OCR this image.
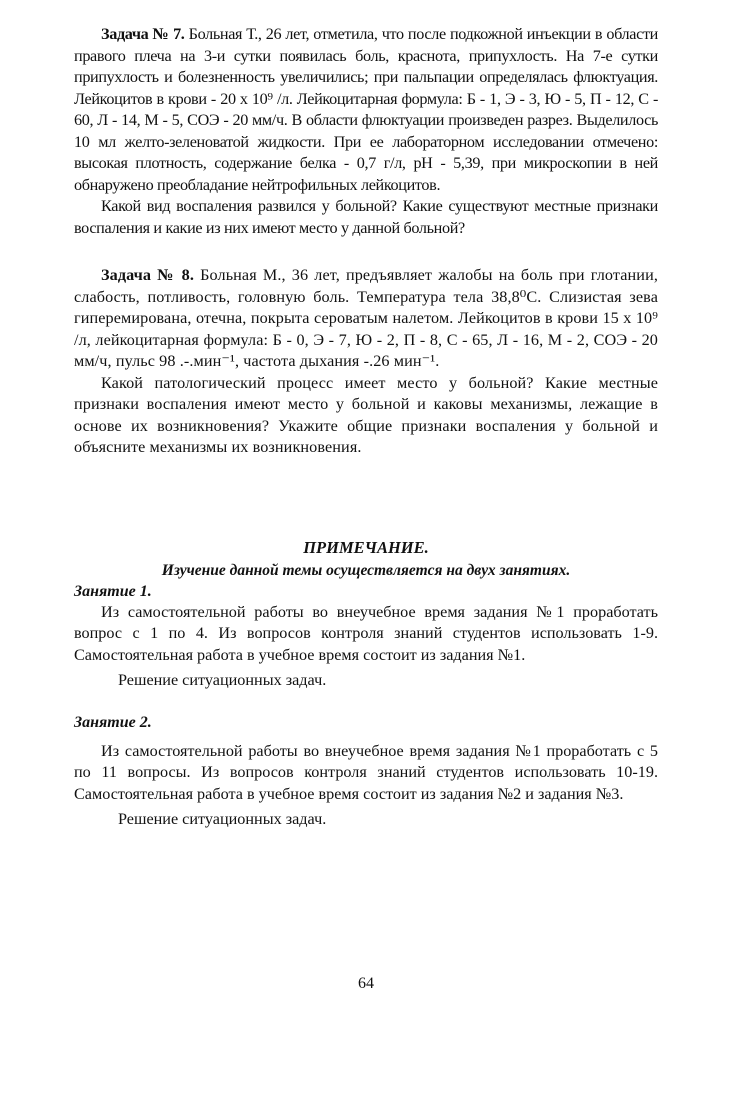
Задача № 7. Больная Т., 26 лет, отметила, что после подкожной инъекции в области правого плеча на 3-и сутки появилась боль, краснота, припухлость. На 7-е сутки припухлость и болезненность увеличились; при пальпации определялась флюктуация. Лейкоцитов в крови - 20 х 10⁹ /л. Лейкоцитарная формула: Б - 1, Э - 3, Ю - 5, П - 12, С - 60, Л - 14, М - 5, СОЭ - 20 мм/ч. В области флюктуации произведен разрез. Выделилось 10 мл желто-зеленоватой жидкости. При ее лабораторном исследовании отмечено: высокая плотность, содержание белка - 0,7 г/л, рН - 5,39, при микроскопии в ней обнаружено преобладание нейтрофильных лейкоцитов.

Какой вид воспаления развился у больной? Какие существуют местные признаки воспаления и какие из них имеют место у данной больной?

Задача № 8. Больная М., 36 лет, предъявляет жалобы на боль при глотании, слабость, потливость, головную боль. Температура тела 38,8⁰С. Слизистая зева гиперемирована, отечна, покрыта сероватым налетом. Лейкоцитов в крови 15 х 10⁹ /л, лейкоцитарная формула: Б - 0, Э - 7, Ю - 2, П - 8, С - 65, Л - 16, М - 2, СОЭ - 20 мм/ч, пульс 98 .-.мин⁻¹, частота дыхания -.26 мин⁻¹.

Какой патологический процесс имеет место у больной? Какие местные признаки воспаления имеют место у больной и каковы механизмы, лежащие в основе их возникновения? Укажите общие признаки воспаления у больной и объясните механизмы их возникновения.

ПРИМЕЧАНИЕ.
Изучение данной темы осуществляется на двух занятиях.
Занятие 1.

Из самостоятельной работы во внеучебное время задания №1 проработать вопрос с 1 по 4. Из вопросов контроля знаний студентов использовать 1-9. Самостоятельная работа в учебное время состоит из задания №1.

Решение ситуационных задач.

Занятие 2.

Из самостоятельной работы во внеучебное время задания №1 проработать с 5 по 11 вопросы. Из вопросов контроля знаний студентов использовать 10-19. Самостоятельная работа в учебное время состоит из задания №2 и задания №3.

Решение ситуационных задач.

64
